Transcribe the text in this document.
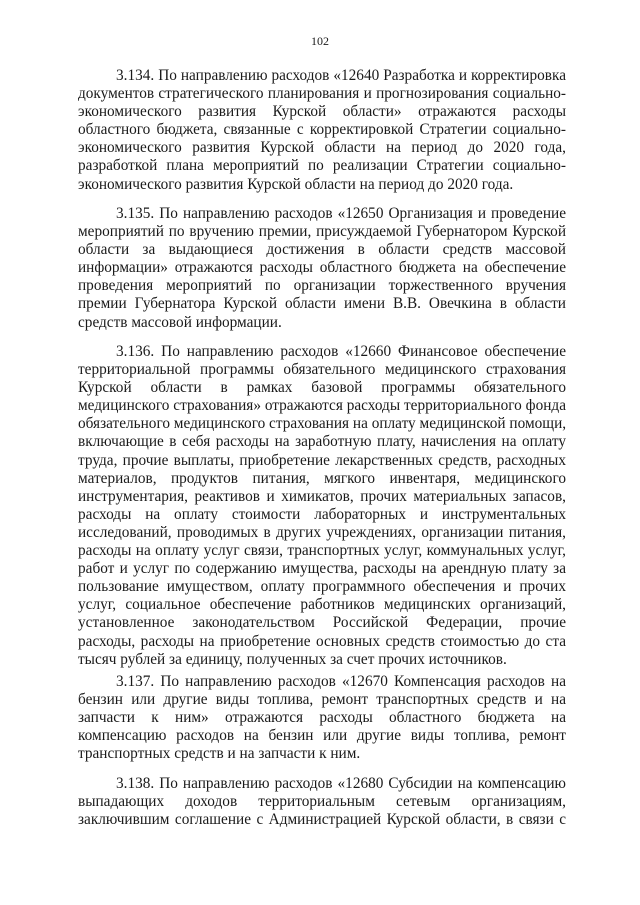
102
3.134. По направлению расходов «12640 Разработка и корректировка
документов стратегического планирования и прогнозирования социально-
экономического развития Курской области» отражаются расходы
областного бюджета, связанные с корректировкой Стратегии социально-
экономического развития Курской области на период до 2020 года,
разработкой плана мероприятий по реализации Стратегии социально-
экономического развития Курской области на период до 2020 года.
3.135. По направлению расходов «12650 Организация и проведение
мероприятий по вручению премии, присуждаемой Губернатором Курской
области за выдающиеся достижения в области средств массовой
информации» отражаются расходы областного бюджета на обеспечение
проведения мероприятий по организации торжественного вручения
премии Губернатора Курской области имени В.В. Овечкина в области
средств массовой информации.
3.136. По направлению расходов «12660 Финансовое обеспечение
территориальной программы обязательного медицинского страхования
Курской области в рамках базовой программы обязательного
медицинского страхования» отражаются расходы территориального фонда
обязательного медицинского страхования на оплату медицинской помощи,
включающие в себя расходы на заработную плату, начисления на оплату
труда, прочие выплаты, приобретение лекарственных средств, расходных
материалов, продуктов питания, мягкого инвентаря, медицинского
инструментария, реактивов и химикатов, прочих материальных запасов,
расходы на оплату стоимости лабораторных и инструментальных
исследований, проводимых в других учреждениях, организации питания,
расходы на оплату услуг связи, транспортных услуг, коммунальных услуг,
работ и услуг по содержанию имущества, расходы на арендную плату за
пользование имуществом, оплату программного обеспечения и прочих
услуг, социальное обеспечение работников медицинских организаций,
установленное законодательством Российской Федерации, прочие
расходы, расходы на приобретение основных средств стоимостью до ста
тысяч рублей за единицу, полученных за счет прочих источников.
3.137. По направлению расходов «12670 Компенсация расходов на
бензин или другие виды топлива, ремонт транспортных средств и на
запчасти к ним» отражаются расходы областного бюджета на
компенсацию расходов на бензин или другие виды топлива, ремонт
транспортных средств и на запчасти к ним.
3.138. По направлению расходов «12680 Субсидии на компенсацию
выпадающих доходов территориальным сетевым организациям,
заключившим соглашение с Администрацией Курской области, в связи с
